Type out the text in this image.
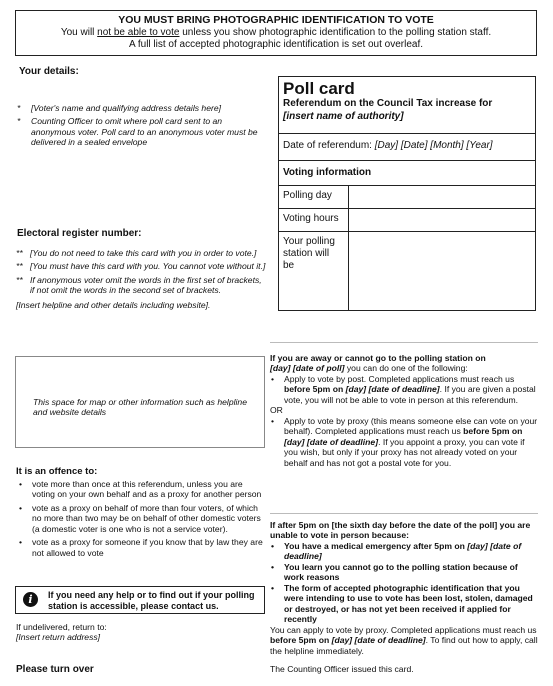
YOU MUST BRING PHOTOGRAPHIC IDENTIFICATION TO VOTE
You will not be able to vote unless you show photographic identification to the polling station staff.
A full list of accepted photographic identification is set out overleaf.
Your details:
* [Voter's name and qualifying address details here]
* Counting Officer to omit where poll card sent to an anonymous voter. Poll card to an anonymous voter must be delivered in a sealed envelope
Poll card
Referendum on the Council Tax increase for
[insert name of authority]
Date of referendum: [Day] [Date] [Month] [Year]
Voting information
Polling day
Voting hours
Your polling station will be
Electoral register number:
** [You do not need to take this card with you in order to vote.]
** [You must have this card with you. You cannot vote without it.]
** If anonymous voter omit the words in the first set of brackets, if not omit the words in the second set of brackets.
[Insert helpline and other details including website].
This space for map or other information such as helpline and website details
It is an offence to:
• vote more than once at this referendum, unless you are voting on your own behalf and as a proxy for another person
• vote as a proxy on behalf of more than four voters, of which no more than two may be on behalf of other domestic voters (a domestic voter is one who is not a service voter).
• vote as a proxy for someone if you know that by law they are not allowed to vote
i	If you need any help or to find out if your polling station is accessible, please contact us.
If undelivered, return to:
[Insert return address]
Please turn over
If you are away or cannot go to the polling station on
[day] [date of poll] you can do one of the following:
• Apply to vote by post. Completed applications must reach us before 5pm on [day] [date of deadline]. If you are given a postal vote, you will not be able to vote in person at this referendum.
OR
• Apply to vote by proxy (this means someone else can vote on your behalf). Completed applications must reach us before 5pm on [day] [date of deadline]. If you appoint a proxy, you can vote if you wish, but only if your proxy has not already voted on your behalf and has not got a postal vote for you.
If after 5pm on [the sixth day before the date of the poll] you are unable to vote in person because:
• You have a medical emergency after 5pm on [day] [date of deadline]
• You learn you cannot go to the polling station because of work reasons
• The form of accepted photographic identification that you were intending to use to vote has been lost, stolen, damaged or destroyed, or has not yet been received if applied for recently
You can apply to vote by proxy. Completed applications must reach us before 5pm on [day] [date of deadline]. To find out how to apply, call the helpline immediately.
The Counting Officer issued this card.
